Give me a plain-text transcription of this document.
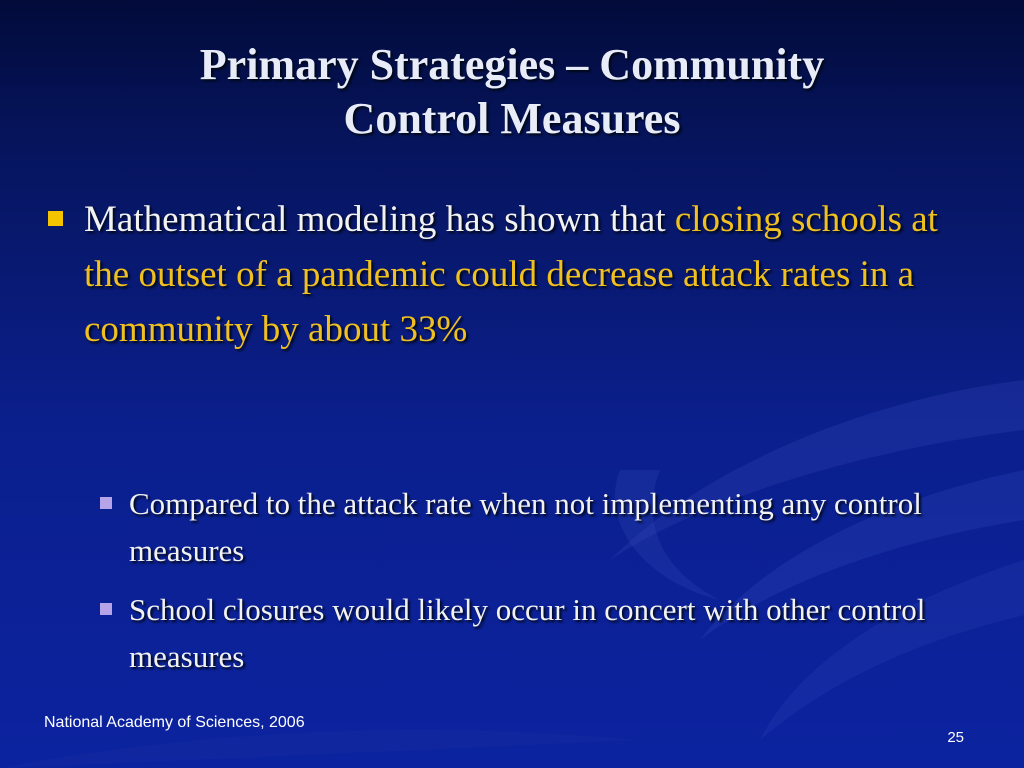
Primary Strategies – Community
Control Measures
Mathematical modeling has shown that closing schools at the outset of a pandemic could decrease attack rates in a community by about 33%
Compared to the attack rate when not implementing any control measures
School closures would likely occur in concert with other control measures
National Academy of Sciences, 2006
25
